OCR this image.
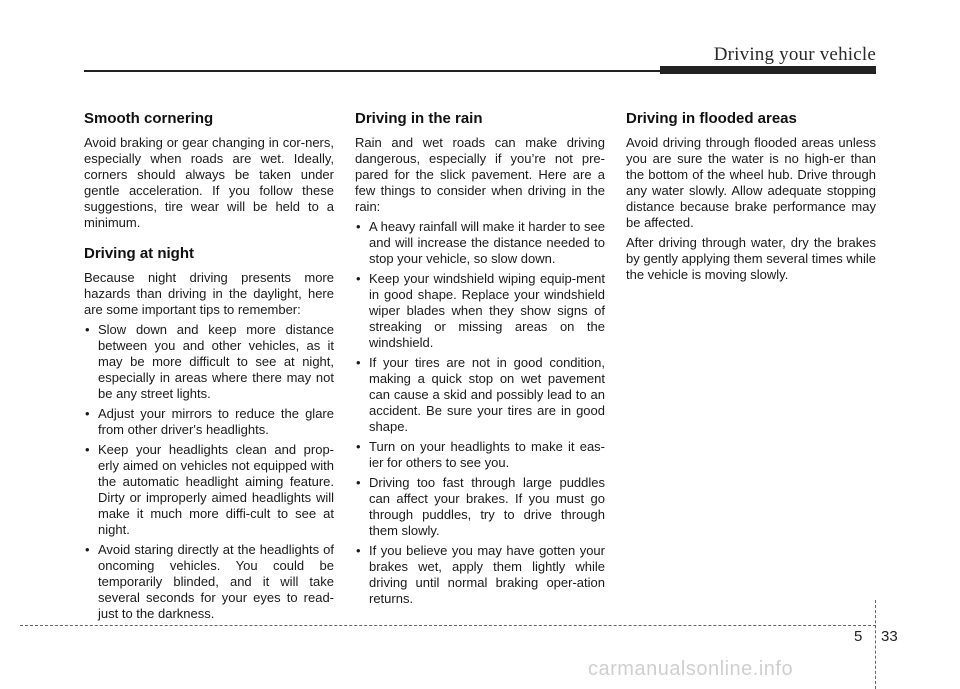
Driving your vehicle
Smooth cornering

Avoid braking or gear changing in cor-ners, especially when roads are wet. Ideally, corners should always be taken under gentle acceleration. If you follow these suggestions, tire wear will be held to a minimum.

Driving at night

Because night driving presents more hazards than driving in the daylight, here are some important tips to remember:

• Slow down and keep more distance between you and other vehicles, as it may be more difficult to see at night, especially in areas where there may not be any street lights.
• Adjust your mirrors to reduce the glare from other driver's headlights.
• Keep your headlights clean and prop-erly aimed on vehicles not equipped with the automatic headlight aiming feature. Dirty or improperly aimed headlights will make it much more diffi-cult to see at night.
• Avoid staring directly at the headlights of oncoming vehicles. You could be temporarily blinded, and it will take several seconds for your eyes to read-just to the darkness.
Driving in the rain

Rain and wet roads can make driving dangerous, especially if you’re not pre-pared for the slick pavement. Here are a few things to consider when driving in the rain:

• A heavy rainfall will make it harder to see and will increase the distance needed to stop your vehicle, so slow down.
• Keep your windshield wiping equip-ment in good shape. Replace your windshield wiper blades when they show signs of streaking or missing areas on the windshield.
• If your tires are not in good condition, making a quick stop on wet pavement can cause a skid and possibly lead to an accident. Be sure your tires are in good shape.
• Turn on your headlights to make it eas-ier for others to see you.
• Driving too fast through large puddles can affect your brakes. If you must go through puddles, try to drive through them slowly.
• If you believe you may have gotten your brakes wet, apply them lightly while driving until normal braking oper-ation returns.
Driving in flooded areas

Avoid driving through flooded areas unless you are sure the water is no high-er than the bottom of the wheel hub. Drive through any water slowly. Allow adequate stopping distance because brake performance may be affected.

After driving through water, dry the brakes by gently applying them several times while the vehicle is moving slowly.

5 33
carmanualsonline.info
